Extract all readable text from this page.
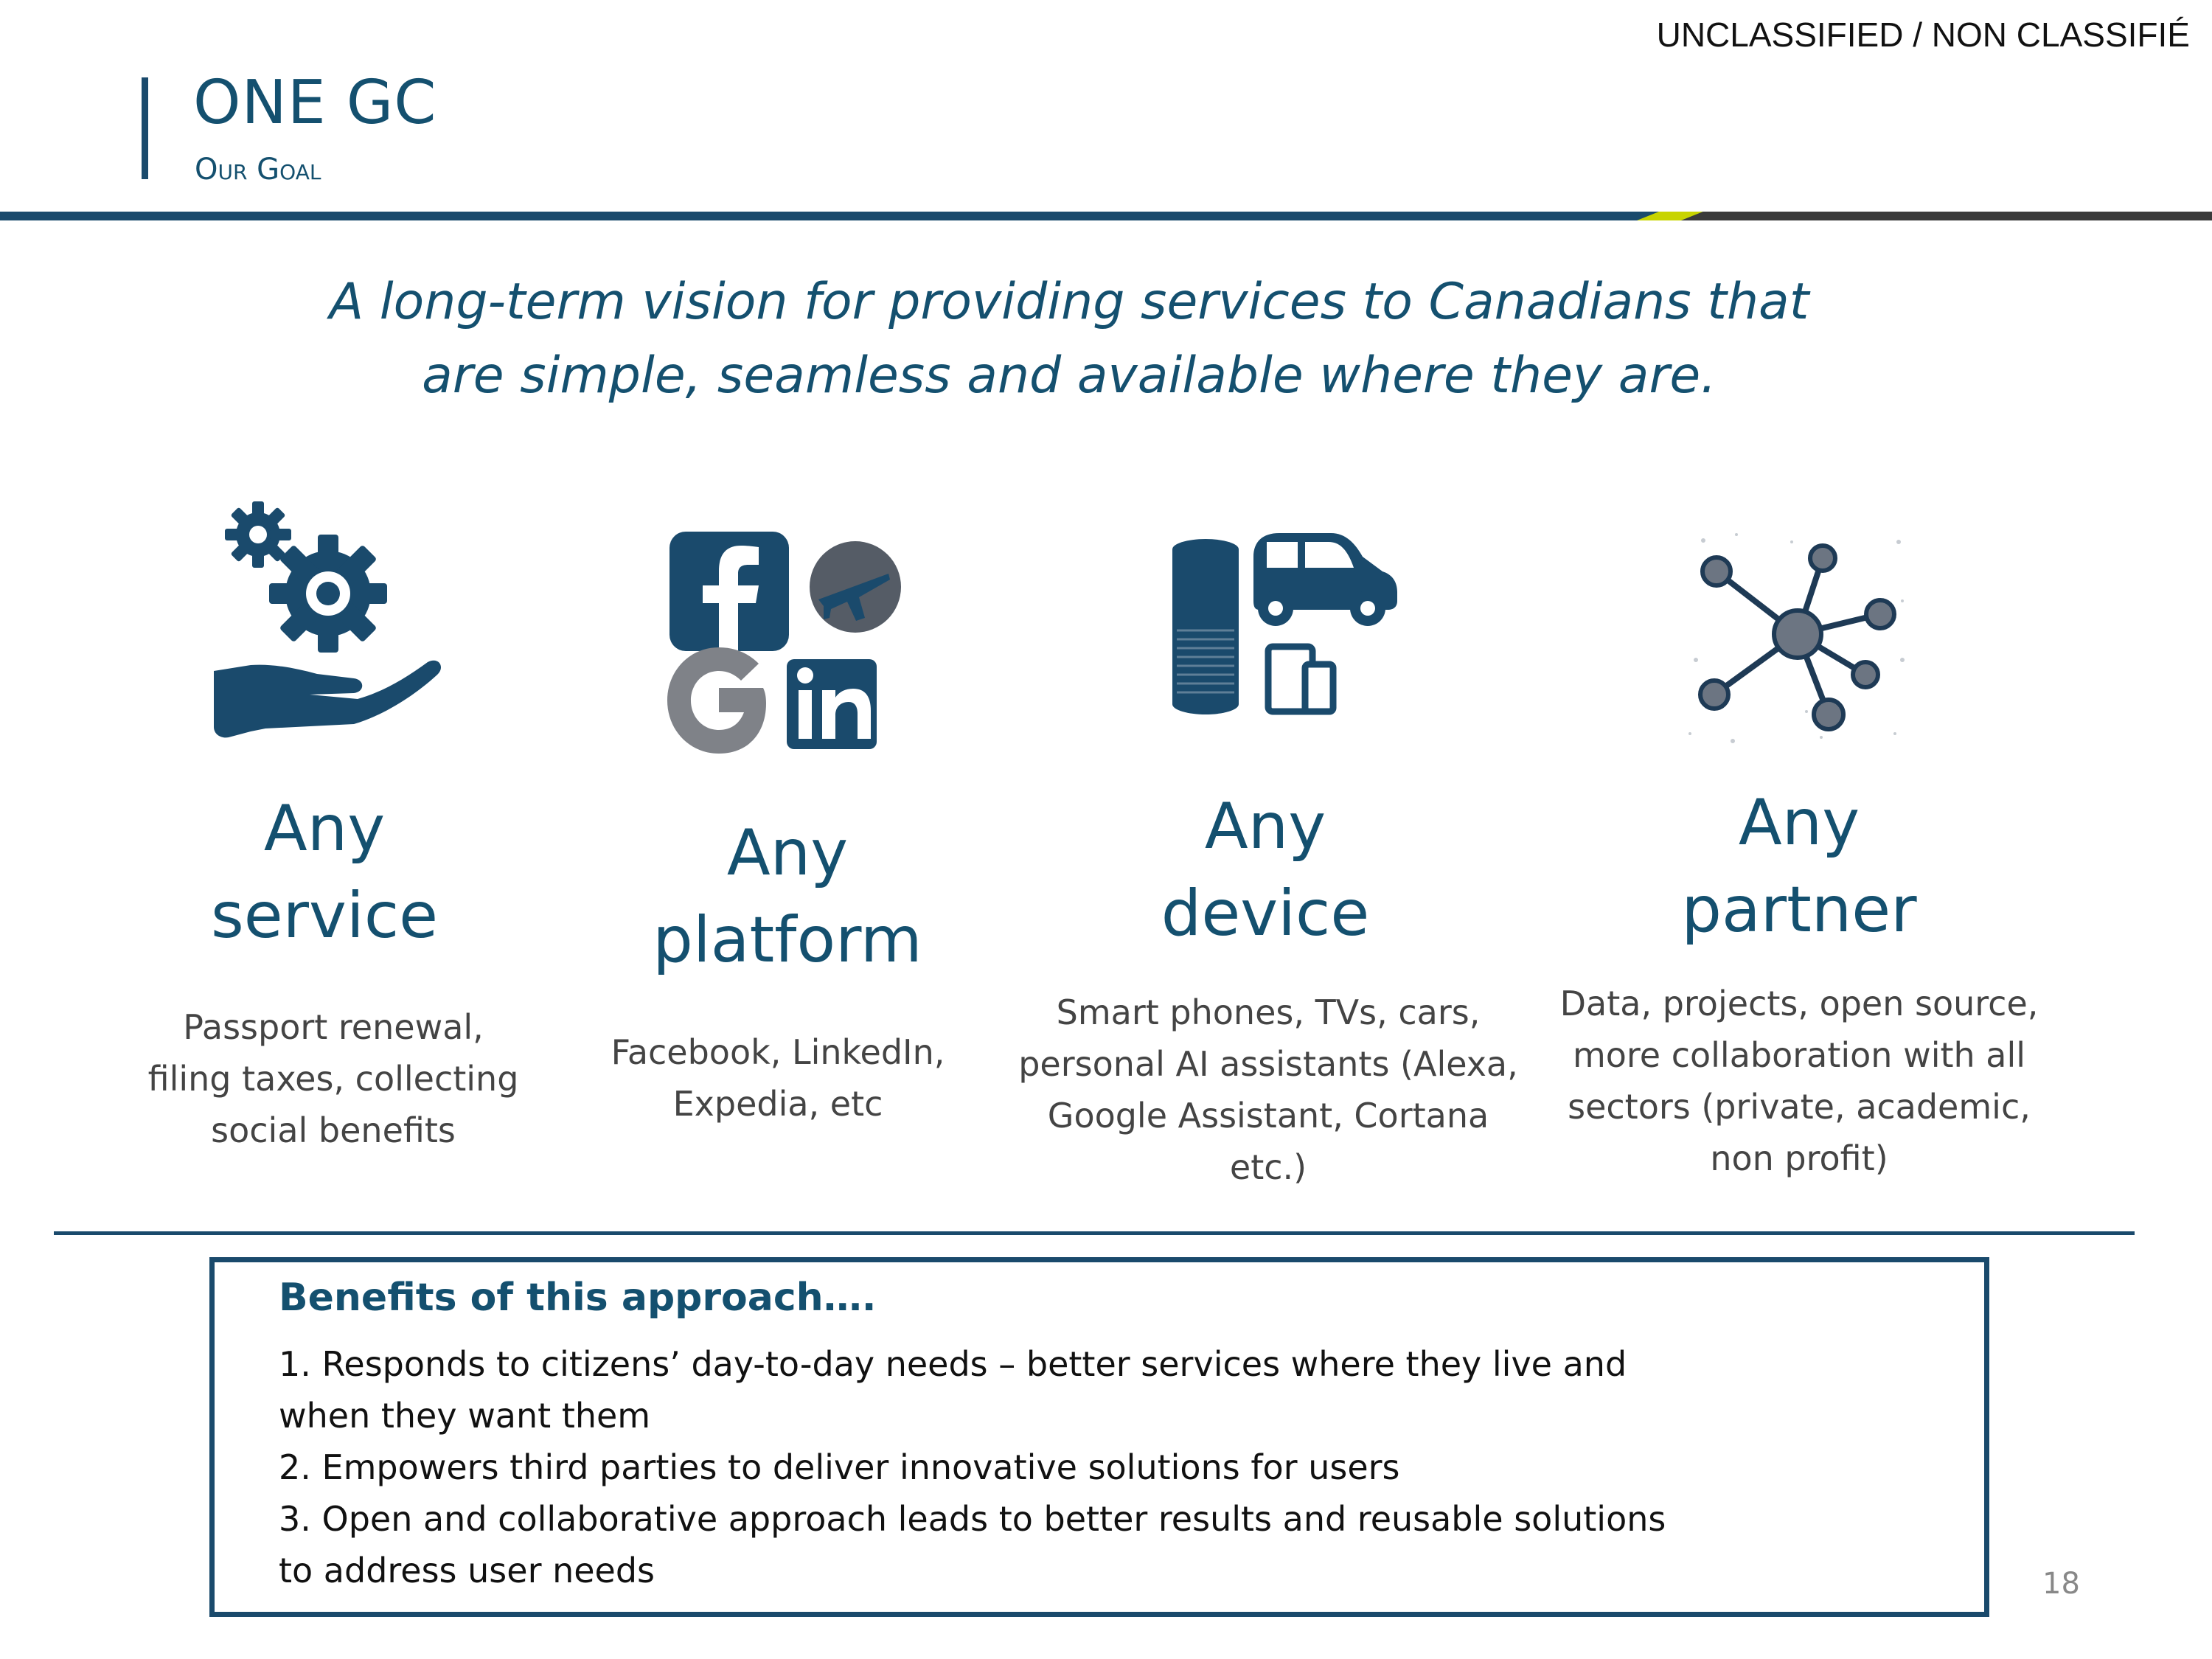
UNCLASSIFIED / NON CLASSIFIÉ
ONE GC
Our Goal
A long-term vision for providing services to Canadians that
are simple, seamless and available where they are.
Any
service
Any
platform
Any
device
Any
partner
Passport renewal,
filing taxes, collecting
social benefits
Facebook, LinkedIn,
Expedia, etc
Smart phones, TVs, cars,
personal AI assistants (Alexa,
Google Assistant, Cortana
etc.)
Data, projects, open source,
more collaboration with all
sectors (private, academic,
non profit)
Benefits of this approach….
1. Responds to citizens’ day-to-day needs – better services where they live and
when they want them
2. Empowers third parties to deliver innovative solutions for users
3. Open and collaborative approach leads to better results and reusable solutions
to address user needs	18
